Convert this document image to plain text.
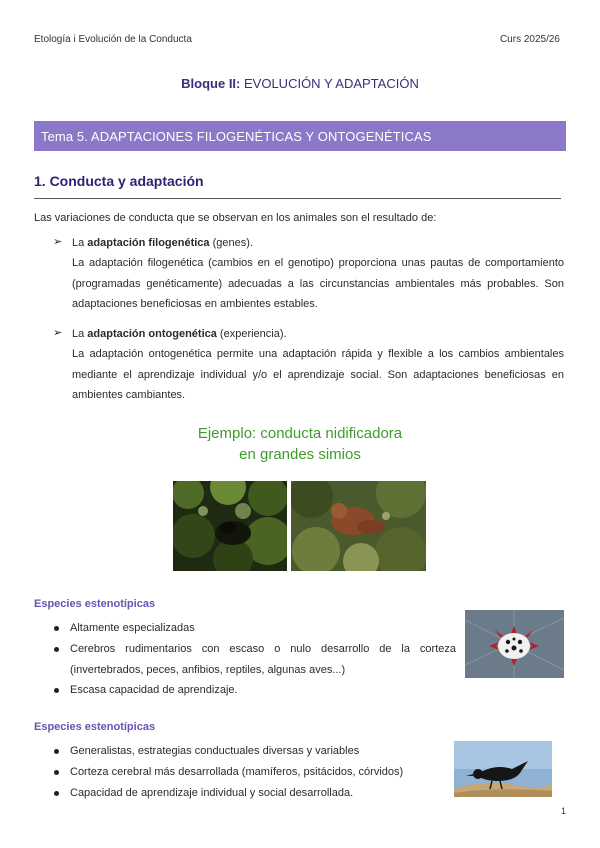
Etología i Evolución de la Conducta	Curs 2025/26
Bloque II: EVOLUCIÓN Y ADAPTACIÓN
Tema 5. ADAPTACIONES FILOGENÉTICAS Y ONTOGENÉTICAS
1. Conducta y adaptación
Las variaciones de conducta que se observan en los animales son el resultado de:
➢ La adaptación filogenética (genes).
La adaptación filogenética (cambios en el genotipo) proporciona unas pautas de comportamiento (programadas genéticamente) adecuadas a las circunstancias ambientales más probables. Son adaptaciones beneficiosas en ambientes estables.
➢ La adaptación ontogenética (experiencia).
La adaptación ontogenética permite una adaptación rápida y flexible a los cambios ambientales mediante el aprendizaje individual y/o el aprendizaje social. Son adaptaciones beneficiosas en ambientes cambiantes.
Ejemplo: conducta nidificadora
en grandes simios
Especies estenotípicas
Altamente especializadas
Cerebros rudimentarios con escaso o nulo desarrollo de la corteza (invertebrados, peces, anfibios, reptiles, algunas aves...)
Escasa capacidad de aprendizaje.
Especies estenotípicas
Generalistas, estrategias conductuales diversas y variables
Corteza cerebral más desarrollada (mamíferos, psitácidos, córvidos)
Capacidad de aprendizaje individual y social desarrollada.
1
